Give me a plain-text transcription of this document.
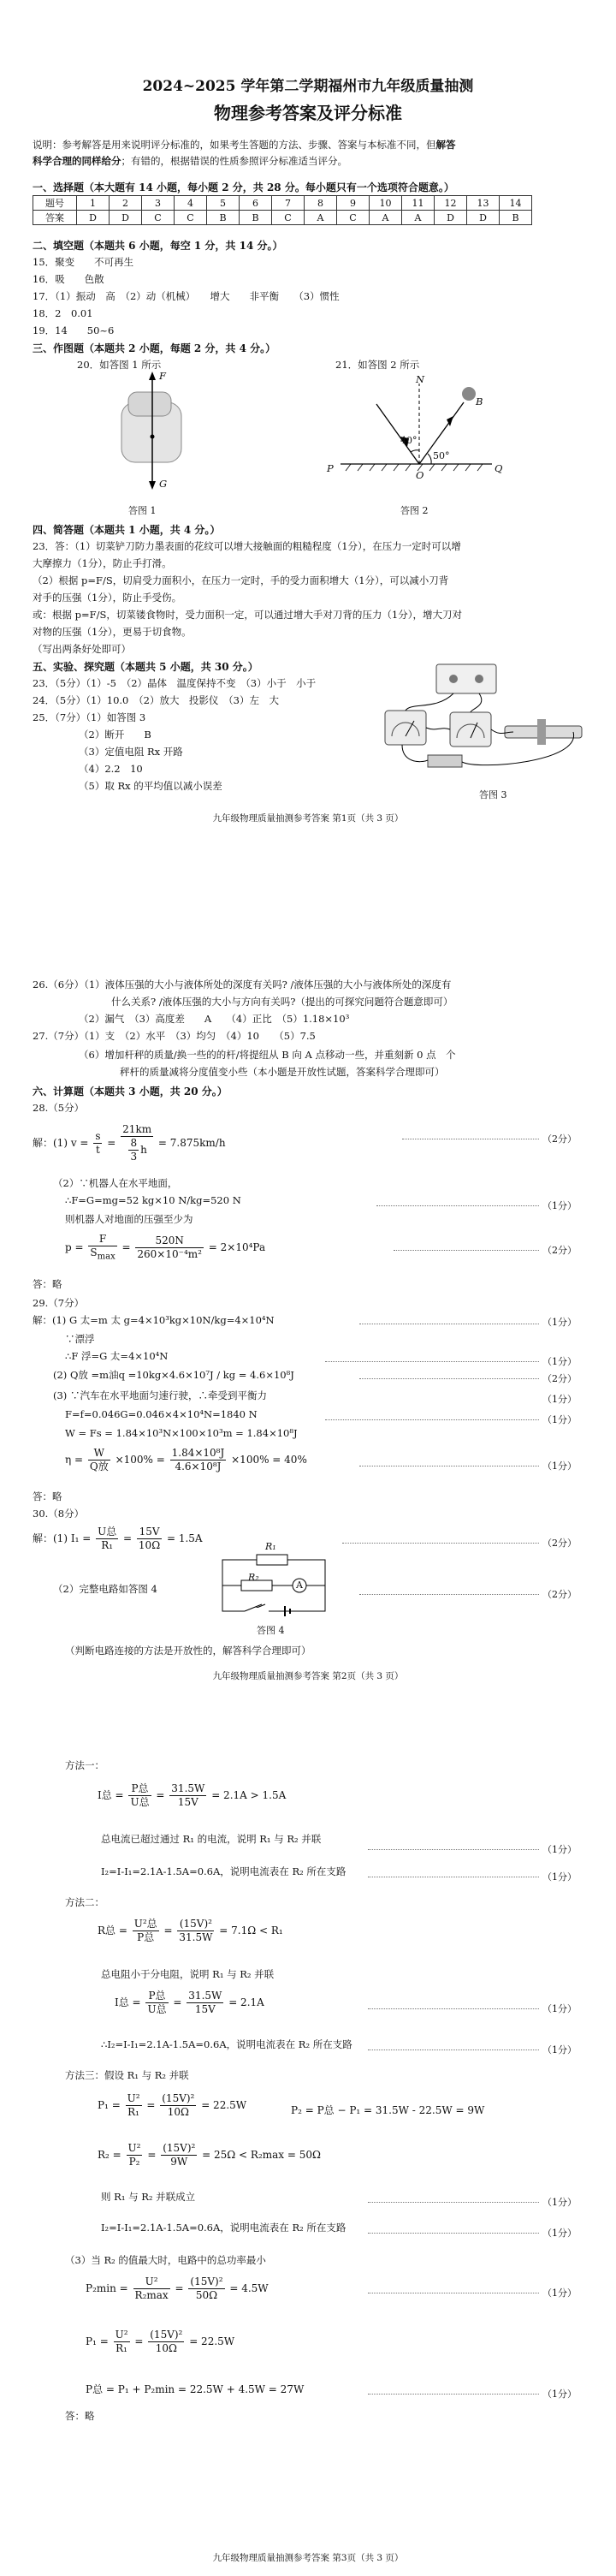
2024~2025 学年第二学期福州市九年级质量抽测
物理参考答案及评分标准
说明：参考解答是用来说明评分标准的，如果考生答题的方法、步骤、答案与本标准不同，但解答
科学合理的同样给分；有错的，根据错误的性质参照评分标准适当评分。
一、选择题（本大题有 14 小题，每小题 2 分，共 28 分。每小题只有一个选项符合题意。）
题号	1	2	3	4	5	6	7	8	9	10	11	12	13	14
答案	D	D	C	C	B	B	C	A	C	A	A	D	D	B
二、填空题（本题共 6 小题，每空 1 分，共 14 分。）
15．聚变　　不可再生
16．吸　　色散
17．（1）振动　高　（2）动（机械）　　增大　　非平衡　　（3）惯性
18．2　0.01
19．14　　50~6
三、作图题（本题共 2 小题，每题 2 分，共 4 分。）
20．如答图 1 所示	21．如答图 2 所示
F
G
答图 1
N
B
P	Q
O
40°
50°
答图 2
四、简答题（本题共 1 小题，共 4 分。）
23．答：（1）切菜铲刀防力墨表面的花纹可以增大接触面的粗糙程度（1分），在压力一定时可以增
大摩擦力（1分），防止手打滑。
（2）根据 p=F/S，切肩受力面积小，在压力一定时，手的受力面积增大（1分），可以减小刀背
对手的压强（1分），防止手受伤。
或：根据 p=F/S，切菜镂食物时，受力面积一定，可以通过增大手对刀背的压力（1分），增大刀对
对物的压强（1分），更易于切食物。
（写出两条好处即可）
五、实验、探究题（本题共 5 小题，共 30 分。）
23．（5分）（1）-5　（2）晶体　温度保持不变　（3）小于　小于
24．（5分）（1）10.0　（2）放大　投影仪　（3）左　大
25．（7分）（1）如答图 3
（2）断开　　B
（3）定值电阻 Rx 开路
（4）2.2　10
（5）取 Rx 的平均值以减小误差
答图 3
九年级物理质量抽测参考答案 第1页（共 3 页）
26.（6分）（1）液体压强的大小与液体所处的深度有关吗? /液体压强的大小与液体所处的深度有
什么关系? /液体压强的大小与方向有关吗?（提出的可探究问题符合题意即可）
（2）漏气　（3）高度差　　A　　（4）正比　（5）1.18×10³
27.（7分）（1）支　（2）水平　（3）均匀　（4）10　　（5）7.5
（6）增加杆秤的质量/换一些的的杆/将提纽从 B 向 A 点移动一些，并重刻新 0 点　个
秤杆的质量减将分度值变小些（本小题是开放性试题，答案科学合理即可）
六、计算题（本题共 3 小题，共 20 分。）
28.（5分）
解：(1) $v = \frac{s}{t} = \frac{21km}{\frac{8}{3} h} = 7.875km/h$	（2分）
（2）∵机器人在水平地面，
∴F=G=mg=52 kg×10 N/kg=520 N	（1分）
则机器人对地面的压强至少为
$p = \frac{F}{S_{max}} = \frac{520N}{\text{260×10⁻⁴m²}} = 2\times 10^4Pa$	（2分）
答：略
29.（7分）
解：(1) G 太=m 太 g=4×10³kg×10N/kg=4×10⁴N	（1分）
∵漂浮
∴F 浮=G 太=4×10⁴N	（1分）
(2) Q放 =m油q =10kg×4.6×10⁷J / kg = 4.6×10⁸J	（2分）
(3) ∵汽车在水平地面匀速行驶，∴牵受到平衡力	（1分）
F=f=0.046G=0.046×4×10⁴N=1840 N	（1分）
W = Fs = 1.84×10³N×100×10³m = 1.84×10⁸J
$\eta = \frac{W}{\text{Q放}} \times 100\% = \frac{\text{1.84×10⁸J}}{\text{4.6×10⁸J}} \times 100\% = 40\%$
（1分）
答：略
30.（8分）
解：(1) $I_1 = \frac{\text{U总}}{\text{R₁}} = \frac{15V}{10\Omega} = 1.5A$	（2分）
（2）完整电路如答图 4	（2分）
R₁
R₂
A
答图 4
（判断电路连接的方法是开放性的，解答科学合理即可）
九年级物理质量抽测参考答案 第2页（共 3 页）
方法一：
I总 = $\frac{\text{P总}}{\text{U总}} = \frac{31.5W}{15V} = 2.1A > 1.5A$
总电流已超过通过 R₁ 的电流，说明 R₁ 与 R₂ 并联
（1分）
I₂=I-I₁=2.1A-1.5A=0.6A，说明电流表在 R₂ 所在支路	（1分）
方法二：
R总 = $\frac{\text{U²总}}{\text{P总}} = \frac{\text{(15V)²}}{31.5W} = 7.1\Omega < R_1$
总电阻小于分电阻，说明 R₁ 与 R₂ 并联
I总 = $\frac{\text{P总}}{\text{U总}} = \frac{31.5W}{15V} = 2.1A$
（1分）
∴I₂=I-I₁=2.1A-1.5A=0.6A，说明电流表在 R₂ 所在支路	（1分）
方法三：假设 R₁ 与 R₂ 并联
$P_1 = \frac{\text{U²}}{\text{R₁}} = \frac{\text{(15V)²}}{10\Omega} = 22.5W$	P₂ = P总 − P₁ = 31.5W - 22.5W = 9W
$R_2 = \frac{\text{U²}}{\text{P₂}} = \frac{\text{(15V)²}}{9W} = 25\Omega < R_2\max = 50\Omega$
则 R₁ 与 R₂ 并联成立	（1分）
I₂=I-I₁=2.1A-1.5A=0.6A，说明电流表在 R₂ 所在支路	（1分）
（3）当 R₂ 的值最大时，电路中的总功率最小
$P_2\min = \frac{\text{U²}}{\text{R₂max}} = \frac{\text{(15V)²}}{50\Omega} = 4.5W$	（1分）
$P_1 = \frac{\text{U²}}{\text{R₁}} = \frac{\text{(15V)²}}{10\Omega} = 22.5W$
P总 = P₁ + P₂min = 22.5W + 4.5W = 27W	（1分）
答：略
九年级物理质量抽测参考答案 第3页（共 3 页）
